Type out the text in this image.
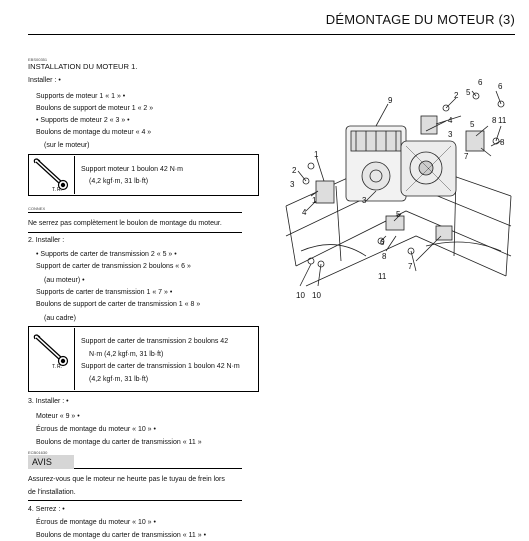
DÉMONTAGE DU MOTEUR (3)
EBS00351
INSTALLATION DU MOTEUR 1.
Installer : •
Supports de moteur 1 « 1 » •
Boulons de support de moteur 1 « 2 »
• Supports de moteur 2 « 3 » •
Boulons de montage du moteur « 4 »
(sur le moteur)
T. R.
Support moteur 1 boulon 42 N·m
(4,2 kgf·m, 31 lb·ft)
CONNEX
Ne serrez pas complètement le boulon de montage du moteur.
2. Installer :
• Supports de carter de transmission 2 « 5 » •
Support de carter de transmission 2 boulons « 6 »
(au moteur) •
Supports de carter de transmission 1 « 7 » •
Boulons de support de carter de transmission 1 « 8 »
(au cadre)
T. R.
Support de carter de transmission 2 boulons 42
N·m (4,2 kgf·m, 31 lb·ft)
Support de carter de transmission 1 boulon 42 N·m
(4,2 kgf·m, 31 lb·ft)
3. Installer : •
Moteur « 9 » •
Écrous de montage du moteur « 10 » •
Boulons de montage du carter de transmission « 11 »
ECB01630
AVIS
Assurez-vous que le moteur ne heurte pas le tuyau de frein lors
de l'installation.
4. Serrez : •
Écrous de montage du moteur « 10 » •
Boulons de montage du carter de transmission « 11 » •
9
2
6 6
5
4 5 8 11
3
7
8
1
2
3
4
3
5
6
8
7
11
10 10
1
